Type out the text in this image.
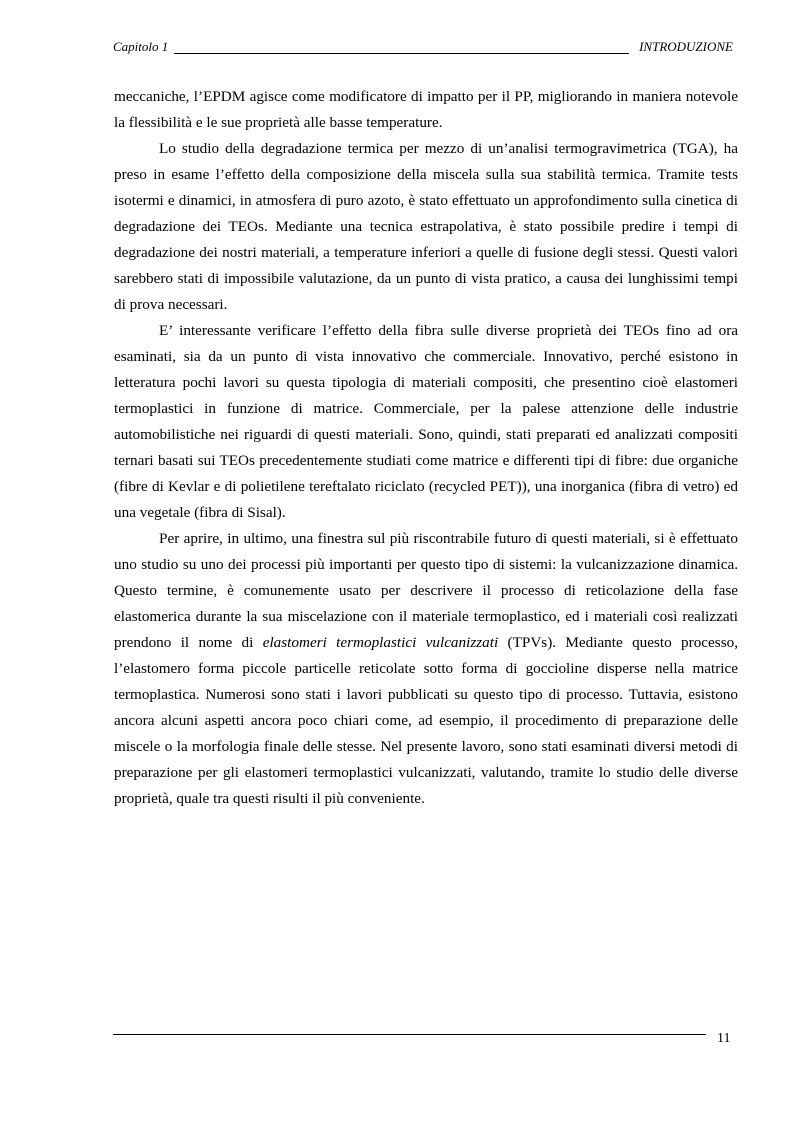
Capitolo 1	INTRODUZIONE

meccaniche, l’EPDM agisce come modificatore di impatto per il PP, migliorando in maniera notevole la flessibilità e le sue proprietà alle basse temperature.

Lo studio della degradazione termica per mezzo di un’analisi termogravimetrica (TGA), ha preso in esame l’effetto della composizione della miscela sulla sua stabilità termica. Tramite tests isotermi e dinamici, in atmosfera di puro azoto, è stato effettuato un approfondimento sulla cinetica di degradazione dei TEOs. Mediante una tecnica estrapolativa, è stato possibile predire i tempi di degradazione dei nostri materiali, a temperature inferiori a quelle di fusione degli stessi. Questi valori sarebbero stati di impossibile valutazione, da un punto di vista pratico, a causa dei lunghissimi tempi di prova necessari.

E’ interessante verificare l’effetto della fibra sulle diverse proprietà dei TEOs fino ad ora esaminati, sia da un punto di vista innovativo che commerciale. Innovativo, perché esistono in letteratura pochi lavori su questa tipologia di materiali compositi, che presentino cioè elastomeri termoplastici in funzione di matrice. Commerciale, per la palese attenzione delle industrie automobilistiche nei riguardi di questi materiali. Sono, quindi, stati preparati ed analizzati compositi ternari basati sui TEOs precedentemente studiati come matrice e differenti tipi di fibre: due organiche (fibre di Kevlar e di polietilene tereftalato riciclato (recycled PET)), una inorganica (fibra di vetro) ed una vegetale (fibra di Sisal).

Per aprire, in ultimo, una finestra sul più riscontrabile futuro di questi materiali, si è effettuato uno studio su uno dei processi più importanti per questo tipo di sistemi: la vulcanizzazione dinamica. Questo termine, è comunemente usato per descrivere il processo di reticolazione della fase elastomerica durante la sua miscelazione con il materiale termoplastico, ed i materiali così realizzati prendono il nome di elastomeri termoplastici vulcanizzati (TPVs). Mediante questo processo, l’elastomero forma piccole particelle reticolate sotto forma di goccioline disperse nella matrice termoplastica. Numerosi sono stati i lavori pubblicati su questo tipo di processo. Tuttavia, esistono ancora alcuni aspetti ancora poco chiari come, ad esempio, il procedimento di preparazione delle miscele o la morfologia finale delle stesse. Nel presente lavoro, sono stati esaminati diversi metodi di preparazione per gli elastomeri termoplastici vulcanizzati, valutando, tramite lo studio delle diverse proprietà, quale tra questi risulti il più conveniente.

11
